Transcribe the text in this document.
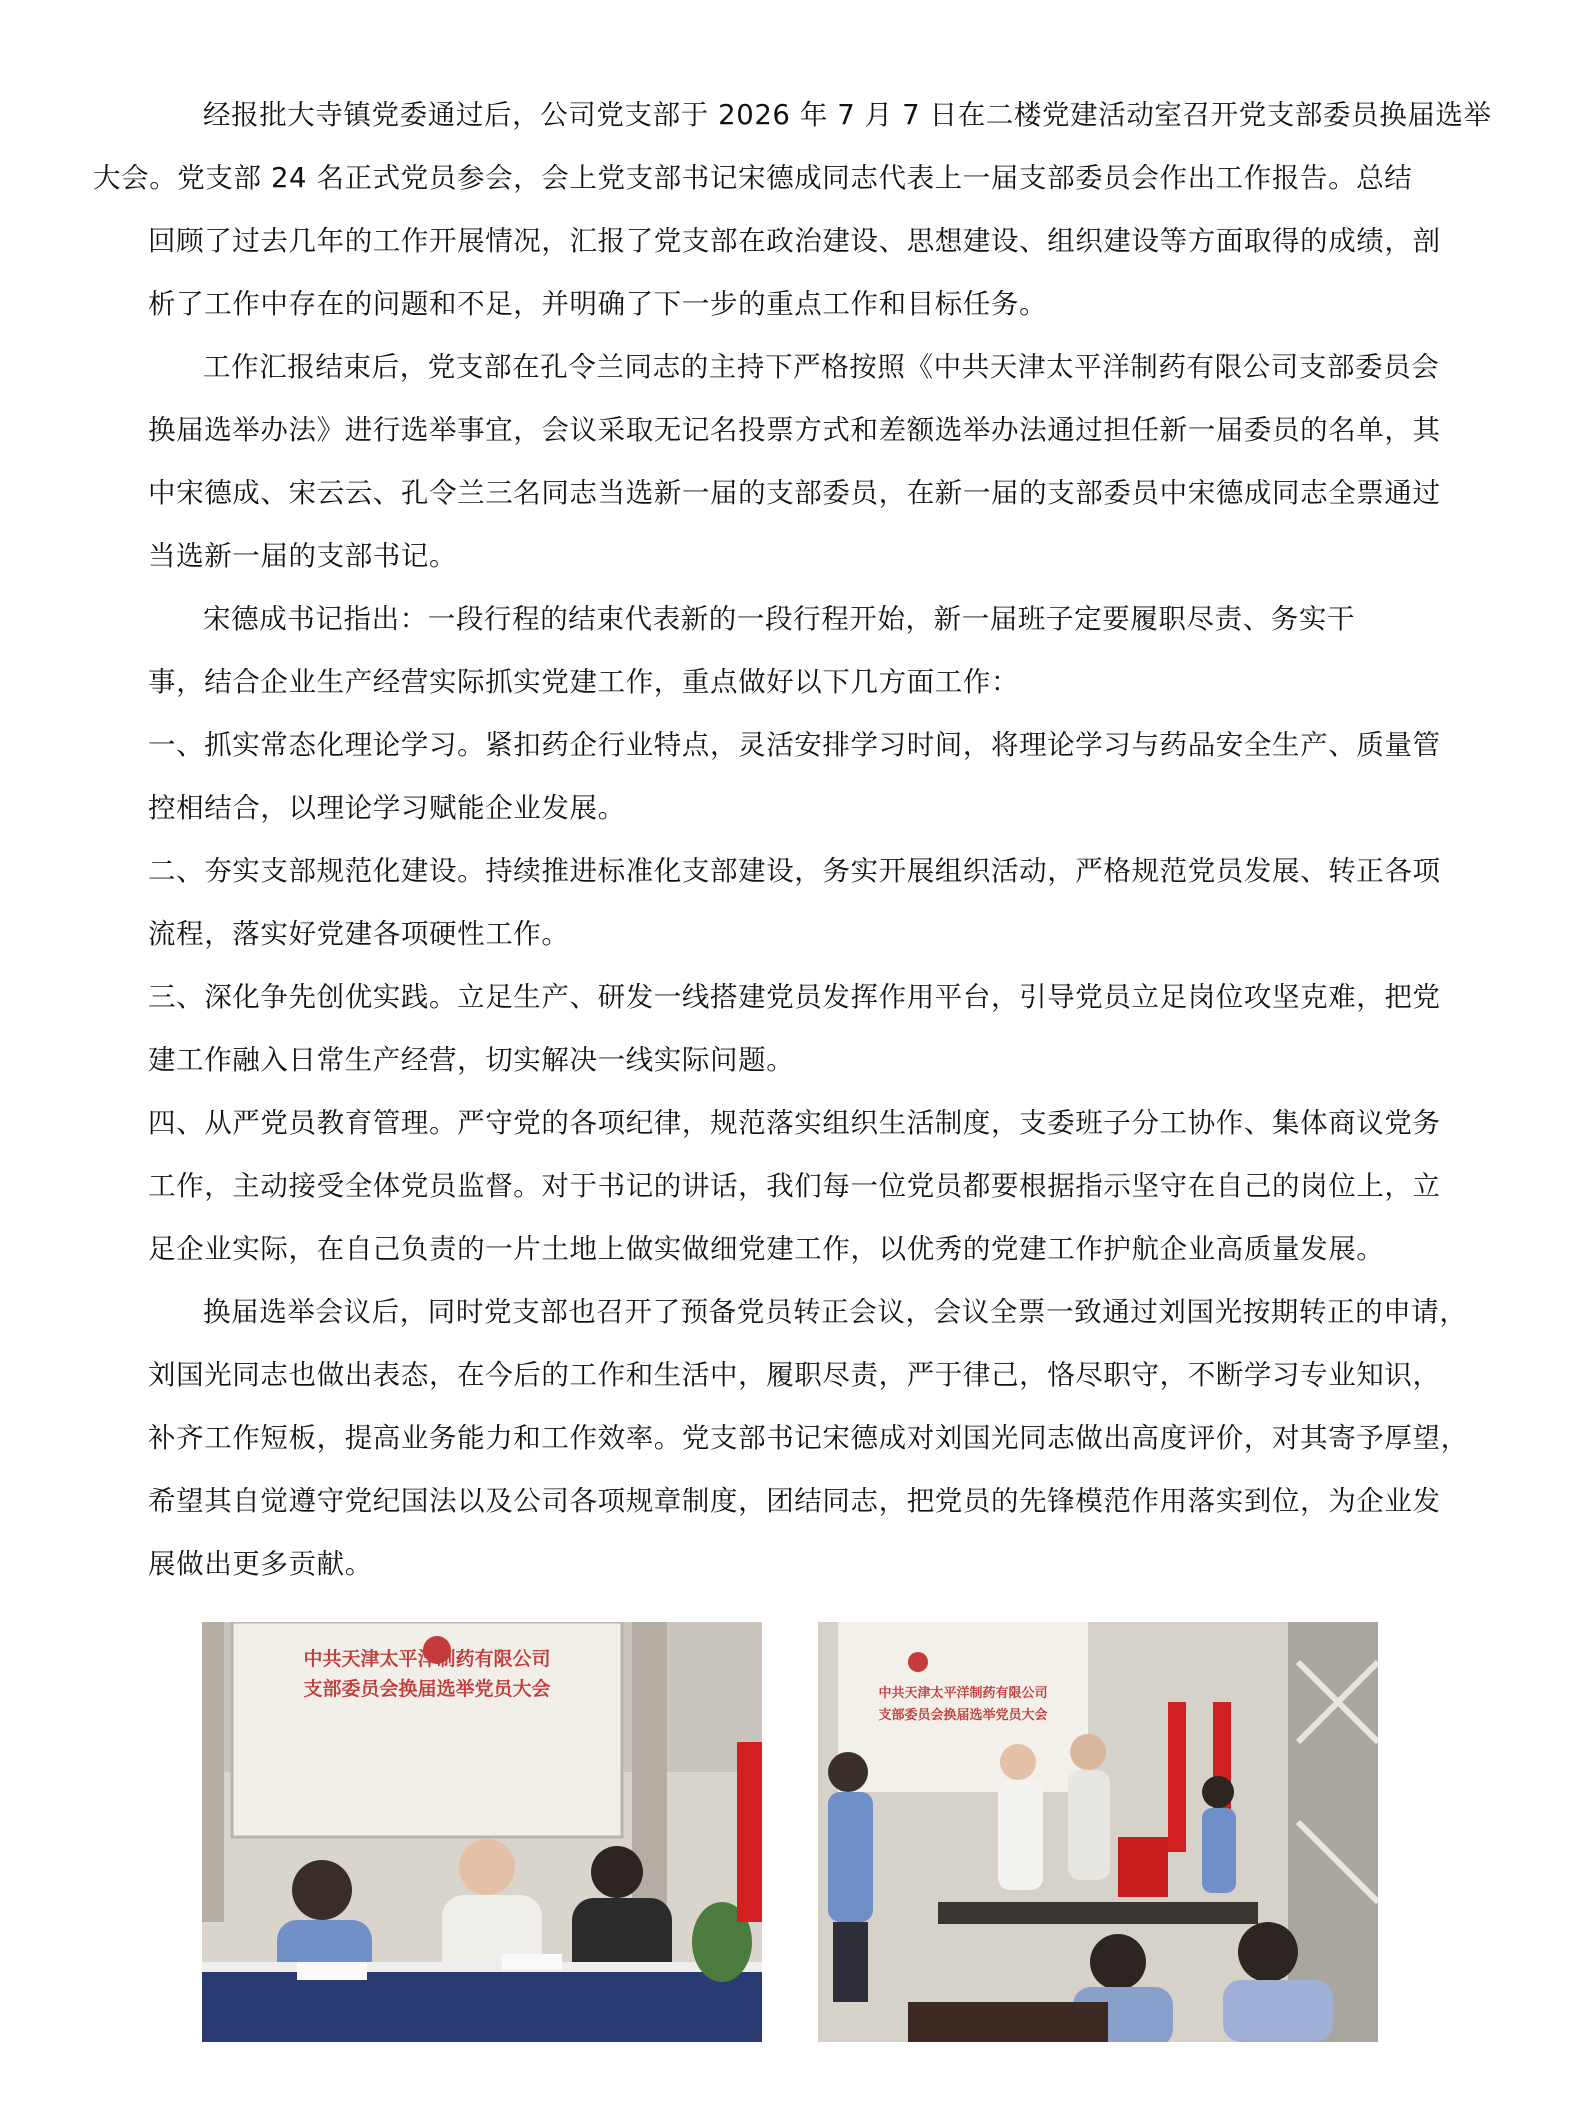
经报批大寺镇党委通过后，公司党支部于 2026 年 7 月 7 日在二楼党建活动室召开党支部委员换届选举
大会。党支部 24 名正式党员参会，会上党支部书记宋德成同志代表上一届支部委员会作出工作报告。总结
回顾了过去几年的工作开展情况，汇报了党支部在政治建设、思想建设、组织建设等方面取得的成绩，剖
析了工作中存在的问题和不足，并明确了下一步的重点工作和目标任务。

工作汇报结束后，党支部在孔令兰同志的主持下严格按照《中共天津太平洋制药有限公司支部委员会
换届选举办法》进行选举事宜，会议采取无记名投票方式和差额选举办法通过担任新一届委员的名单，其
中宋德成、宋云云、孔令兰三名同志当选新一届的支部委员，在新一届的支部委员中宋德成同志全票通过
当选新一届的支部书记。

宋德成书记指出：一段行程的结束代表新的一段行程开始，新一届班子定要履职尽责、务实干
事，结合企业生产经营实际抓实党建工作，重点做好以下几方面工作：

一、抓实常态化理论学习。紧扣药企行业特点，灵活安排学习时间，将理论学习与药品安全生产、质量管
控相结合，以理论学习赋能企业发展。

二、夯实支部规范化建设。持续推进标准化支部建设，务实开展组织活动，严格规范党员发展、转正各项
流程，落实好党建各项硬性工作。

三、深化争先创优实践。立足生产、研发一线搭建党员发挥作用平台，引导党员立足岗位攻坚克难，把党
建工作融入日常生产经营，切实解决一线实际问题。

四、从严党员教育管理。严守党的各项纪律，规范落实组织生活制度，支委班子分工协作、集体商议党务
工作，主动接受全体党员监督。对于书记的讲话，我们每一位党员都要根据指示坚守在自己的岗位上，立
足企业实际，在自己负责的一片土地上做实做细党建工作，以优秀的党建工作护航企业高质量发展。

换届选举会议后，同时党支部也召开了预备党员转正会议，会议全票一致通过刘国光按期转正的申请，
刘国光同志也做出表态，在今后的工作和生活中，履职尽责，严于律己，恪尽职守，不断学习专业知识，
补齐工作短板，提高业务能力和工作效率。党支部书记宋德成对刘国光同志做出高度评价，对其寄予厚望，
希望其自觉遵守党纪国法以及公司各项规章制度，团结同志，把党员的先锋模范作用落实到位，为企业发
展做出更多贡献。

中共天津太平洋制药有限公司
支部委员会换届选举党员大会	中共天津太平洋制药有限公司
支部委员会换届选举党员大会
